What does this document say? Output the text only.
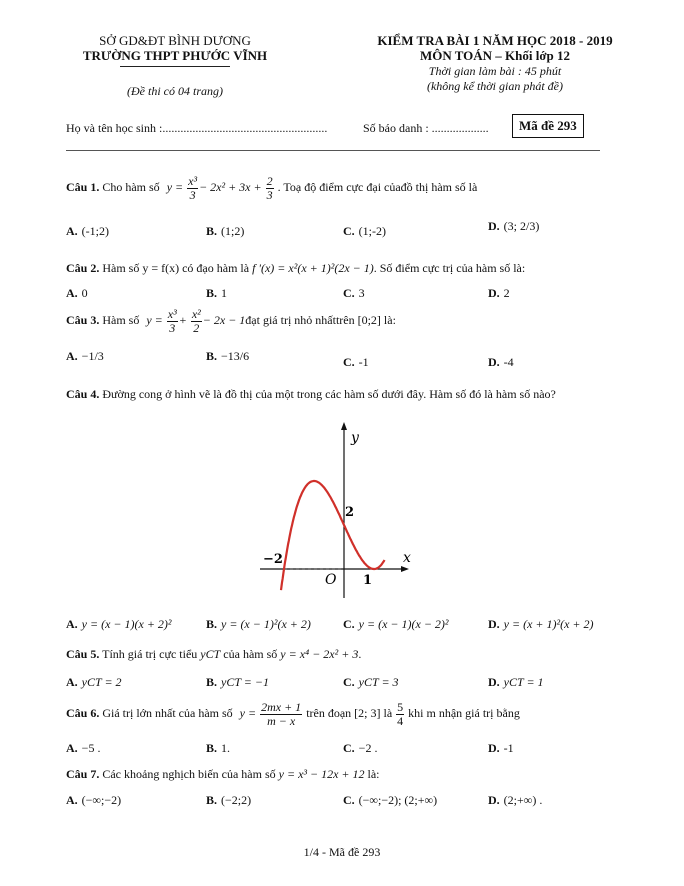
SỞ GD&ĐT BÌNH DƯƠNG
TRƯỜNG THPT PHƯỚC VĨNH
(Đề thi có 04 trang)
KIỂM TRA BÀI 1 NĂM HỌC 2018 - 2019
MÔN TOÁN – Khối lớp 12
Thời gian làm bài : 45 phút
(không kể thời gian phát đề)
Họ và tên học sinh :.......................................................	Số báo danh : ...................	Mã đề 293
Câu 1. Cho hàm số $y = \frac{\text{x³}}{3} - 2x^2 + 3x + \frac{2}{3}$ . Toạ độ điểm cực đại củađồ thị hàm số là
A. (-1;2)	B. (1;2)	C. (1;-2)	D. (3; 2/3)
Câu 2. Hàm số y = f(x) có đạo hàm là f '(x) = x²(x + 1)²(2x − 1). Số điểm cực trị của hàm số là:
A. 0	B. 1	C. 3	D. 2
Câu 3. Hàm số $y = \frac{\text{x³}}{3} + \frac{\text{x²}}{2} - 2x$ − 1đạt giá trị nhỏ nhấttrên [0;2] là:
A. −1/3	B. −13/6	C. -1	D. -4
Câu 4. Đường cong ở hình vẽ là đồ thị của một trong các hàm số dưới đây. Hàm số đó là hàm số nào?
y
x
O
−2
1
2
A. y = (x − 1)(x + 2)²	B. y = (x − 1)²(x + 2)	C. y = (x − 1)(x − 2)²	D. y = (x + 1)²(x + 2)
Câu 5. Tính giá trị cực tiểu yCT của hàm số y = x⁴ − 2x² + 3.
A. yCT = 2	B. yCT = −1	C. yCT = 3	D. yCT = 1
Câu 6. Giá trị lớn nhất của hàm số $y = \frac{2mx + 1}{m - x}$ trên đoạn [2; 3] là $\frac{5}{4}$ khi m nhận giá trị bằng
A. −5 .	B. 1.	C. −2 .	D. -1
Câu 7. Các khoảng nghịch biến của hàm số y = x³ − 12x + 12 là:
A. (−∞;−2)	B. (−2;2)	C. (−∞;−2); (2;+∞)	D. (2;+∞) .
1/4 - Mã đề 293
